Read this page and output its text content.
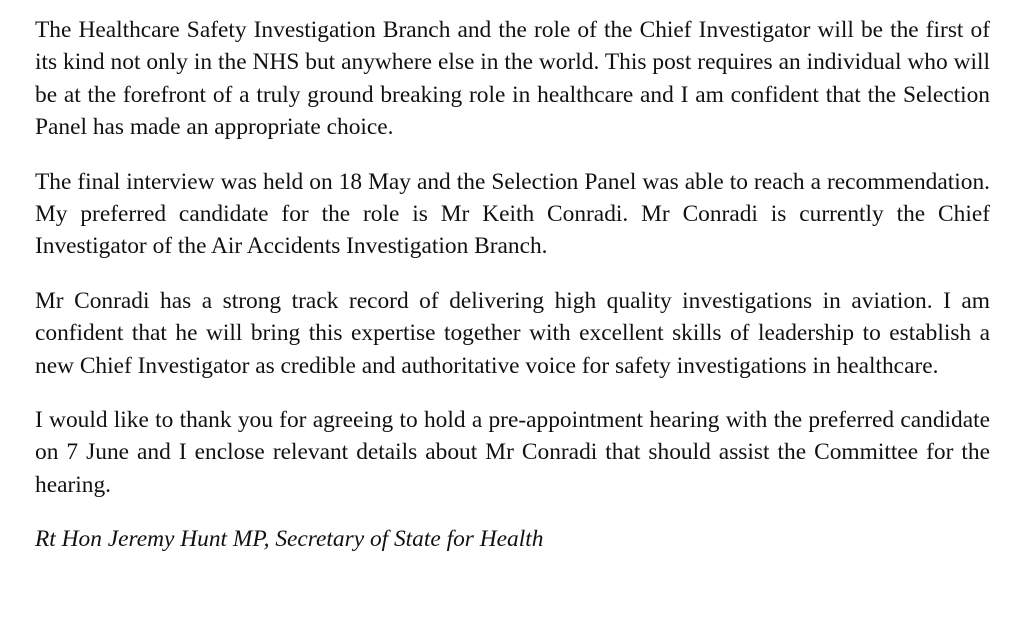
The Healthcare Safety Investigation Branch and the role of the Chief Investigator will be the first of its kind not only in the NHS but anywhere else in the world. This post requires an individual who will be at the forefront of a truly ground breaking role in healthcare and I am confident that the Selection Panel has made an appropriate choice.

The final interview was held on 18 May and the Selection Panel was able to reach a recommendation. My preferred candidate for the role is Mr Keith Conradi. Mr Conradi is currently the Chief Investigator of the Air Accidents Investigation Branch.

Mr Conradi has a strong track record of delivering high quality investigations in aviation. I am confident that he will bring this expertise together with excellent skills of leadership to establish a new Chief Investigator as credible and authoritative voice for safety investigations in healthcare.

I would like to thank you for agreeing to hold a pre-appointment hearing with the preferred candidate on 7 June and I enclose relevant details about Mr Conradi that should assist the Committee for the hearing.

Rt Hon Jeremy Hunt MP, Secretary of State for Health
